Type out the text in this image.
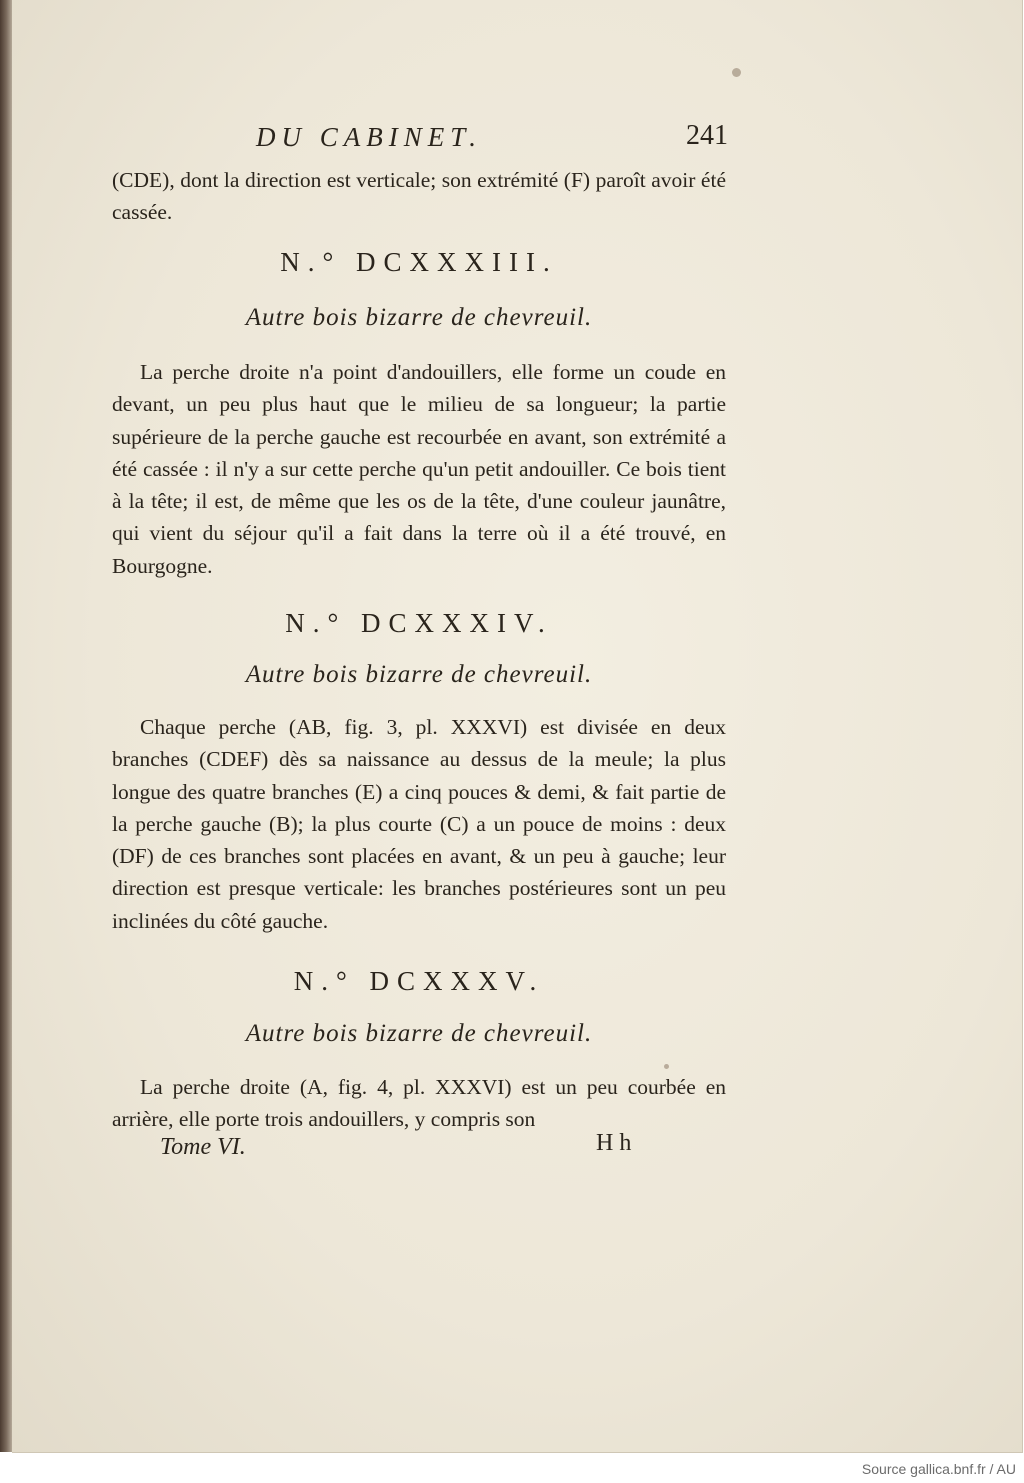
DU CABINET.	241
(CDE), dont la direction est verticale; son extrémité (F) paroît avoir été cassée.
N.° DCXXXIII.
Autre bois bizarre de chevreuil.
La perche droite n'a point d'andouillers, elle forme un coude en devant, un peu plus haut que le milieu de sa longueur; la partie supérieure de la perche gauche est recourbée en avant, son extrémité a été cassée : il n'y a sur cette perche qu'un petit andouiller. Ce bois tient à la tête; il est, de même que les os de la tête, d'une couleur jaunâtre, qui vient du séjour qu'il a fait dans la terre où il a été trouvé, en Bourgogne.
N.° DCXXXIV.
Autre bois bizarre de chevreuil.
Chaque perche (AB, fig. 3, pl. XXXVI) est divisée en deux branches (CDEF) dès sa naissance au dessus de la meule; la plus longue des quatre branches (E) a cinq pouces & demi, & fait partie de la perche gauche (B); la plus courte (C) a un pouce de moins : deux (DF) de ces branches sont placées en avant, & un peu à gauche; leur direction est presque verticale: les branches postérieures sont un peu inclinées du côté gauche.
N.° DCXXXV.
Autre bois bizarre de chevreuil.
La perche droite (A, fig. 4, pl. XXXVI) est un peu courbée en arrière, elle porte trois andouillers, y compris son
Tome VI.	H h
Source gallica.bnf.fr / AU
